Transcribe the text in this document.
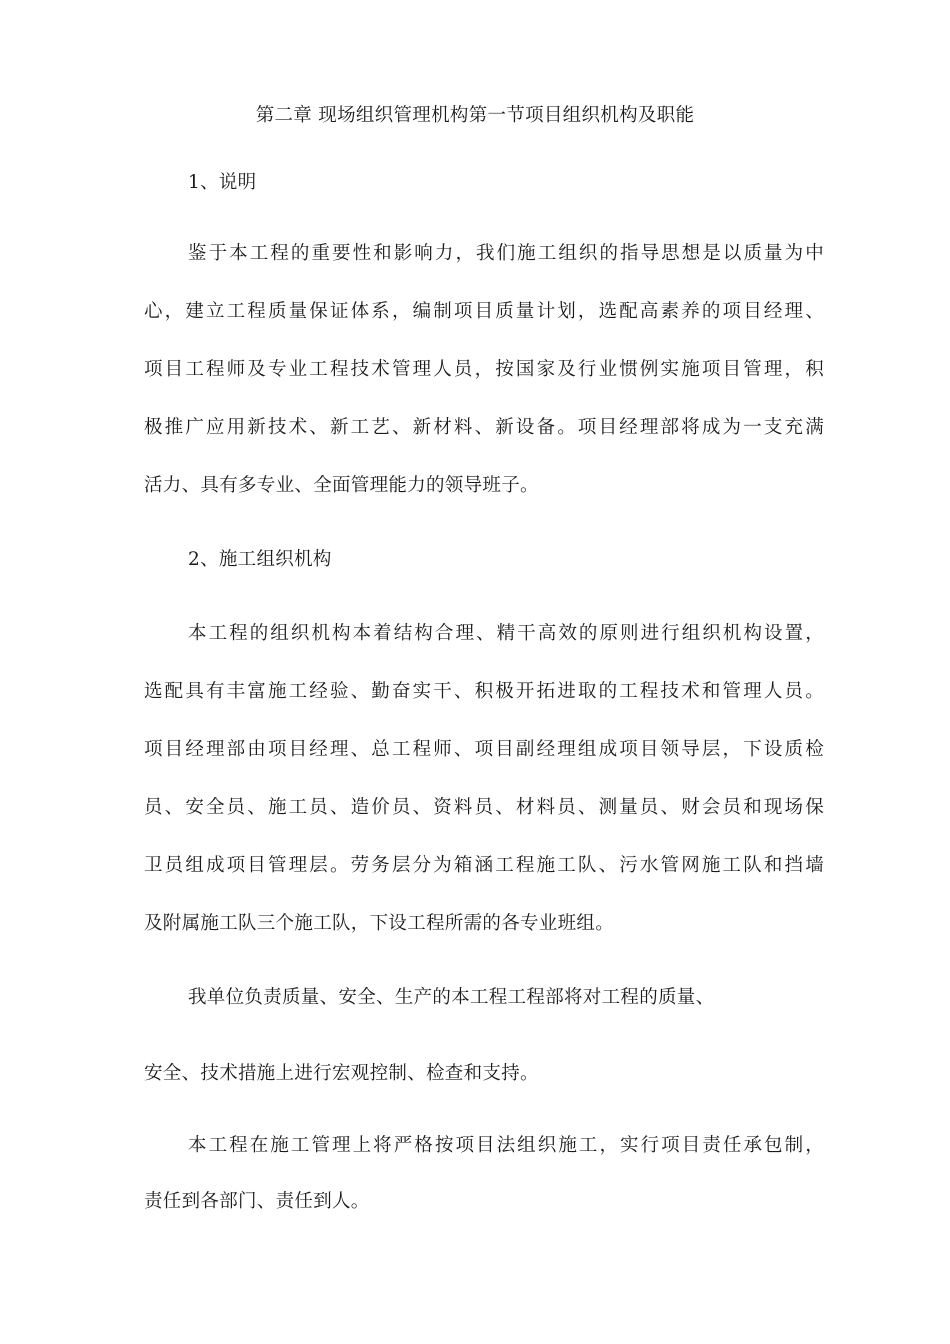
第二章 现场组织管理机构第一节项目组织机构及职能
1、说明
鉴于本工程的重要性和影响力，我们施工组织的指导思想是以质量为中
心，建立工程质量保证体系，编制项目质量计划，选配高素养的项目经理、
项目工程师及专业工程技术管理人员，按国家及行业惯例实施项目管理，积
极推广应用新技术、新工艺、新材料、新设备。项目经理部将成为一支充满
活力、具有多专业、全面管理能力的领导班子。
2、施工组织机构
本工程的组织机构本着结构合理、精干高效的原则进行组织机构设置，
选配具有丰富施工经验、勤奋实干、积极开拓进取的工程技术和管理人员。
项目经理部由项目经理、总工程师、项目副经理组成项目领导层，下设质检
员、安全员、施工员、造价员、资料员、材料员、测量员、财会员和现场保
卫员组成项目管理层。劳务层分为箱涵工程施工队、污水管网施工队和挡墙
及附属施工队三个施工队，下设工程所需的各专业班组。
我单位负责质量、安全、生产的本工程工程部将对工程的质量、
安全、技术措施上进行宏观控制、检查和支持。
本工程在施工管理上将严格按项目法组织施工，实行项目责任承包制，
责任到各部门、责任到人。
